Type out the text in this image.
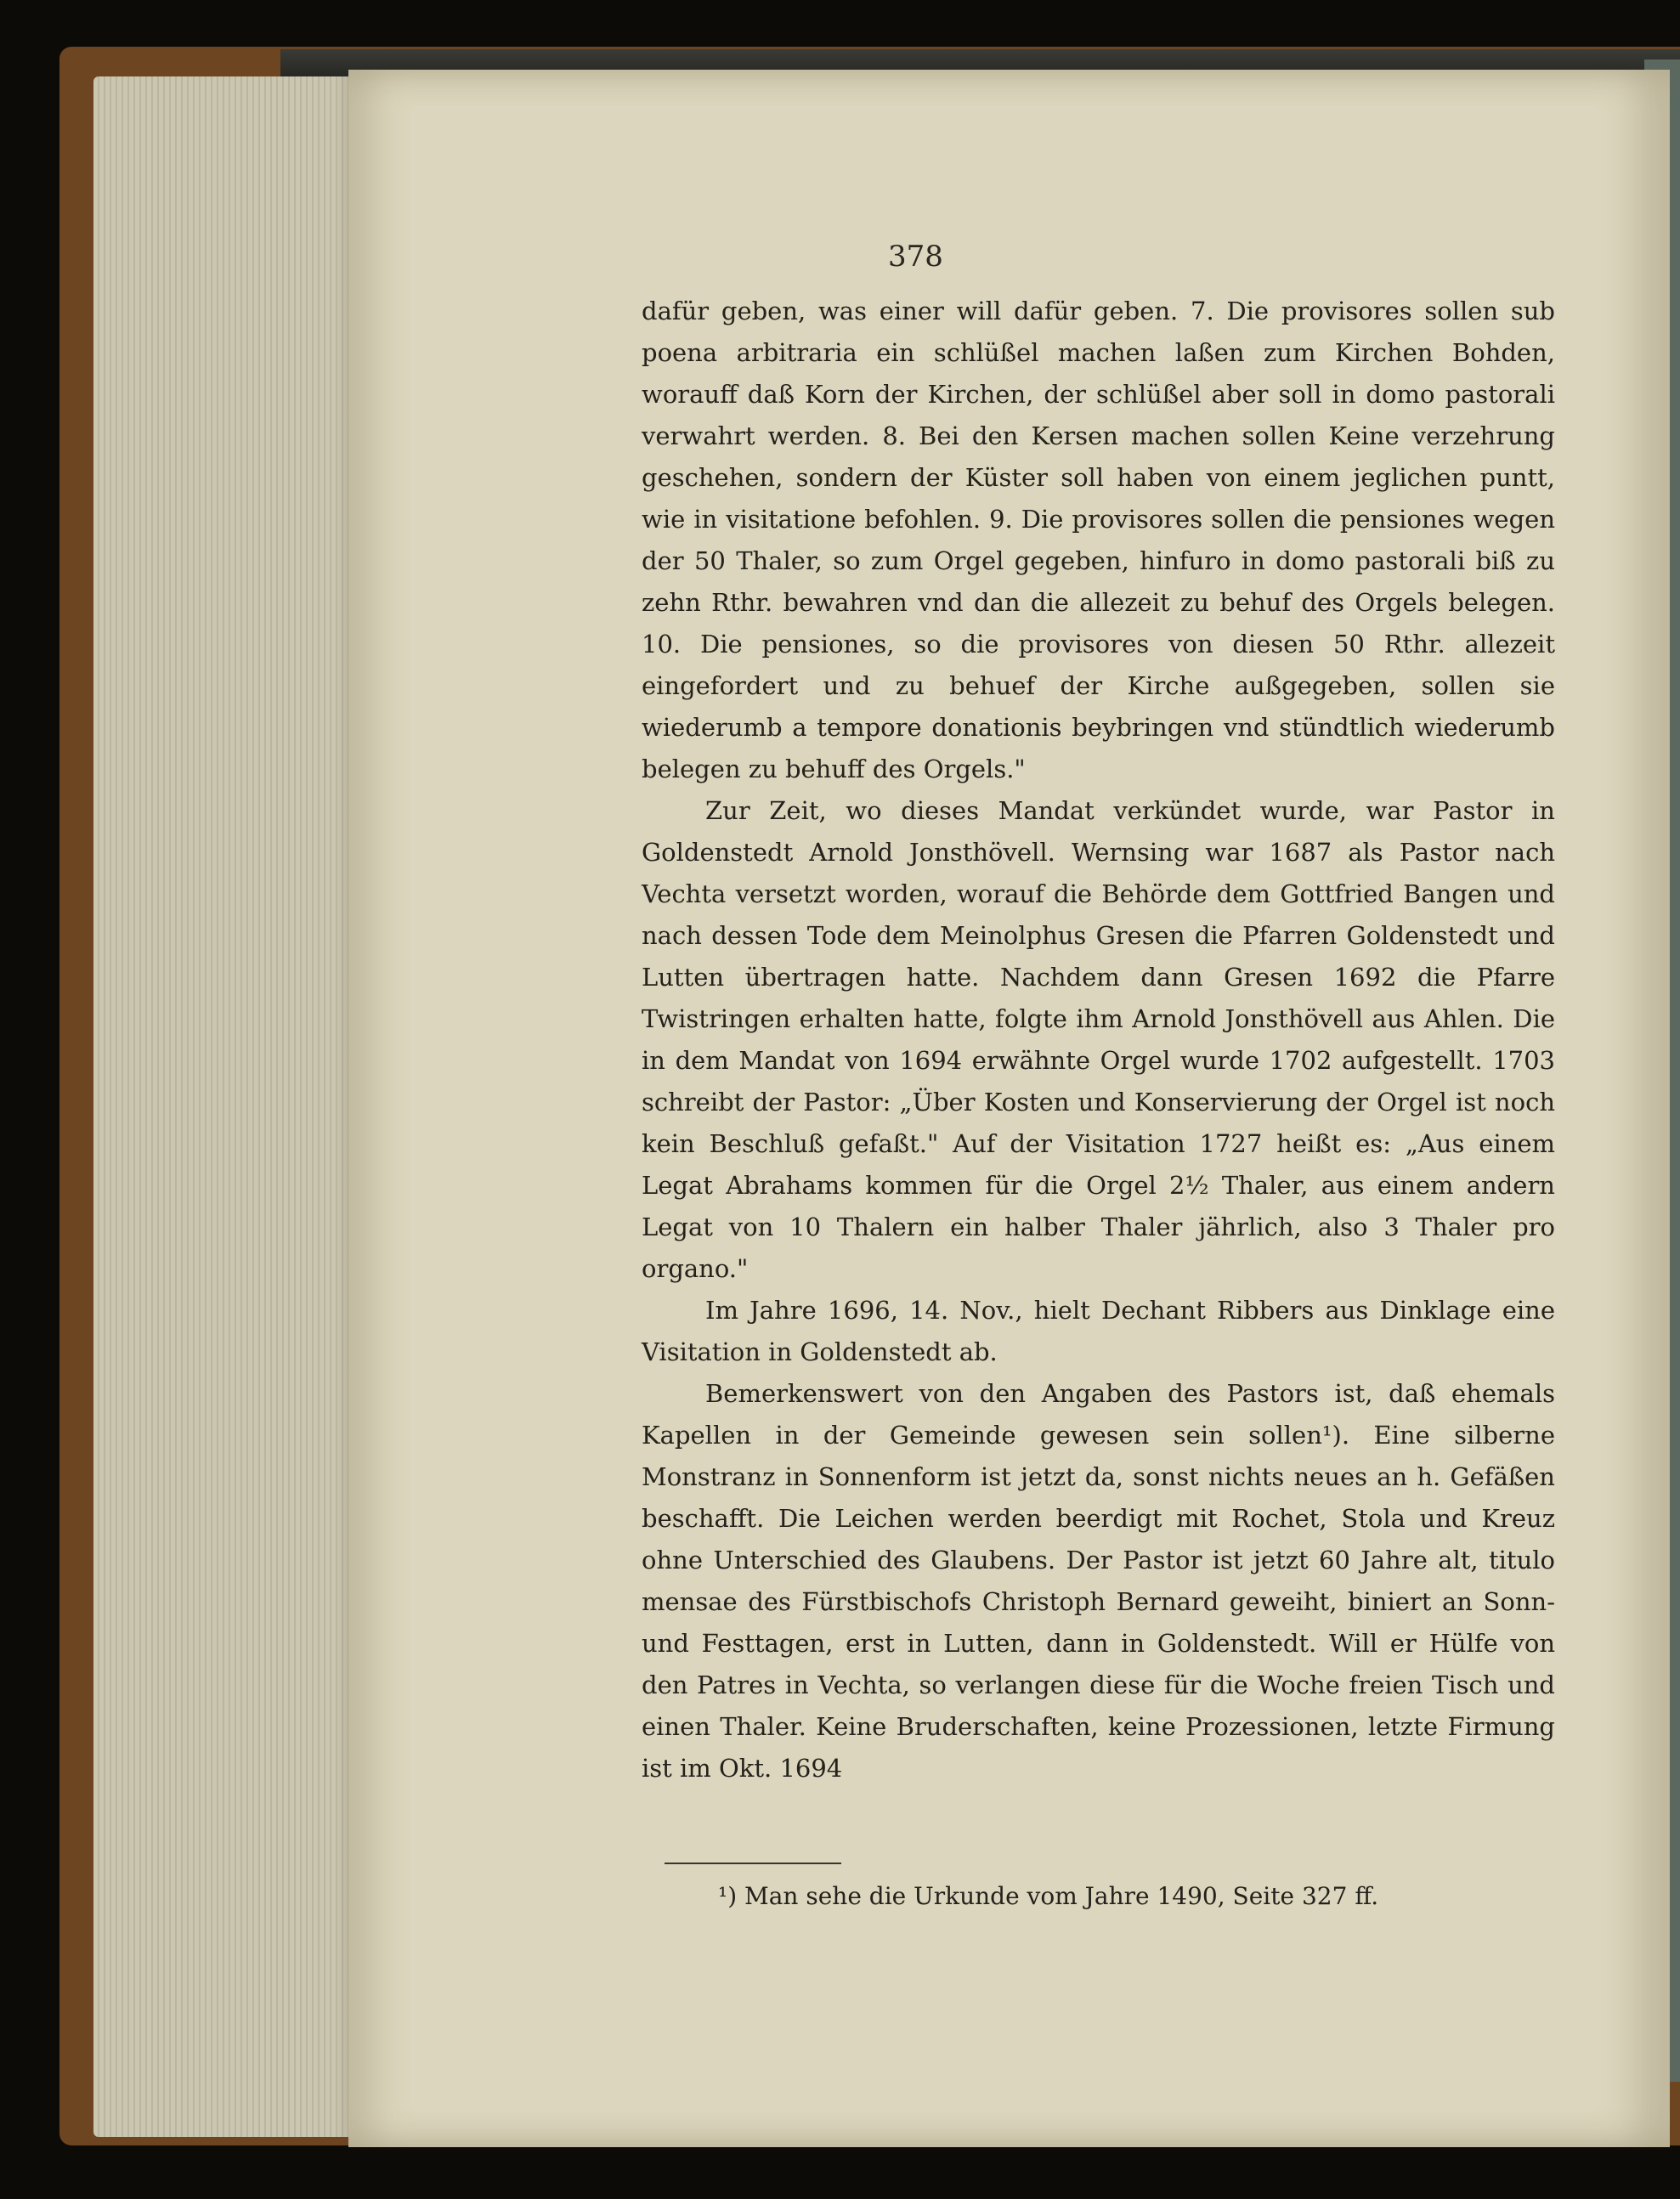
378

dafür geben, was einer will dafür geben. 7. Die provisores sollen sub poena arbitraria ein schlüßel machen laßen zum Kirchen Bohden, worauff daß Korn der Kirchen, der schlüßel aber soll in domo pastorali verwahrt werden. 8. Bei den Kersen machen sollen Keine verzehrung geschehen, sondern der Küster soll haben von einem jeglichen puntt, wie in visitatione befohlen. 9. Die provisores sollen die pensiones wegen der 50 Thaler, so zum Orgel gegeben, hinfuro in domo pastorali biß zu zehn Rthr. bewahren vnd dan die allezeit zu behuf des Orgels belegen. 10. Die pensiones, so die provisores von diesen 50 Rthr. allezeit eingefordert und zu behuef der Kirche außgegeben, sollen sie wiederumb a tempore donationis beybringen vnd stündtlich wiederumb belegen zu behuff des Orgels."

Zur Zeit, wo dieses Mandat verkündet wurde, war Pastor in Goldenstedt Arnold Jonsthövell. Wernsing war 1687 als Pastor nach Vechta versetzt worden, worauf die Behörde dem Gottfried Bangen und nach dessen Tode dem Meinolphus Gresen die Pfarren Goldenstedt und Lutten übertragen hatte. Nachdem dann Gresen 1692 die Pfarre Twistringen erhalten hatte, folgte ihm Arnold Jonsthövell aus Ahlen. Die in dem Mandat von 1694 erwähnte Orgel wurde 1702 aufgestellt. 1703 schreibt der Pastor: „Über Kosten und Konservierung der Orgel ist noch kein Beschluß gefaßt." Auf der Visitation 1727 heißt es: „Aus einem Legat Abrahams kommen für die Orgel 2½ Thaler, aus einem andern Legat von 10 Thalern ein halber Thaler jährlich, also 3 Thaler pro organo."

Im Jahre 1696, 14. Nov., hielt Dechant Ribbers aus Dinklage eine Visitation in Goldenstedt ab.

Bemerkenswert von den Angaben des Pastors ist, daß ehemals Kapellen in der Gemeinde gewesen sein sollen¹). Eine silberne Monstranz in Sonnenform ist jetzt da, sonst nichts neues an h. Gefäßen beschafft. Die Leichen werden beerdigt mit Rochet, Stola und Kreuz ohne Unterschied des Glaubens. Der Pastor ist jetzt 60 Jahre alt, titulo mensae des Fürstbischofs Christoph Bernard geweiht, biniert an Sonn- und Festtagen, erst in Lutten, dann in Goldenstedt. Will er Hülfe von den Patres in Vechta, so verlangen diese für die Woche freien Tisch und einen Thaler. Keine Bruderschaften, keine Prozessionen, letzte Firmung ist im Okt. 1694

¹) Man sehe die Urkunde vom Jahre 1490, Seite 327 ff.
